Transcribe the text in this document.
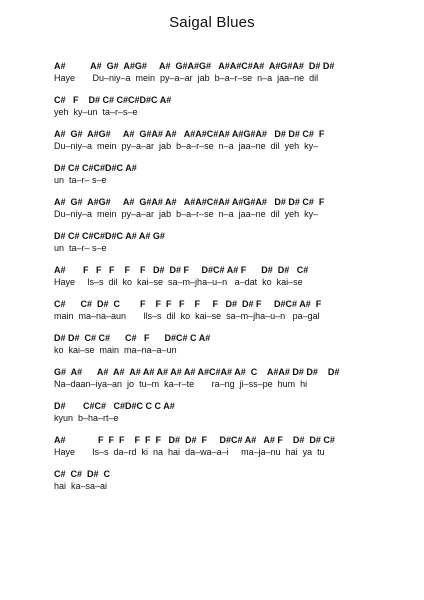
Saigal Blues
A#          A#  G#  A#G#     A#  G#A#G#   A#A#C#A#  A#G#A#  D# D#
Haye       Du–niy–a  mein  py–a–ar  jab  b–a–r–se  n–a  jaa–ne  dil
C#   F    D# C# C#C#D#C A#
yeh  ky–un  ta–r–s–e
A#  G#  A#G#     A#  G#A# A#   A#A#C#A# A#G#A#   D# D# C#  F
Du–niy–a  mein  py–a–ar  jab  b–a–r–se  n–a  jaa–ne  dil  yeh  ky–
D# C# C#C#D#C A#
un  ta–r– s–e
A#  G#  A#G#     A#  G#A# A#   A#A#C#A# A#G#A#   D# D# C#  F
Du–niy–a  mein  py–a–ar  jab  b–a–r–se  n–a  jaa–ne  dil  yeh  ky–
D# C# C#C#D#C A# A# G#
un  ta–r– s–e
A#       F   F   F    F    F   D#  D# F     D#C# A# F      D#  D#   C#
Haye     ls–s  dil  ko  kai–se  sa–m–jha–u–n   a–dat  ko  kai–se
C#      C#  D#  C        F    F  F   F    F     F   D#  D# F     D#C# A#  F
main  ma–na–aun       lls–s  dil  ko  kai–se  sa–m–jha–u–n   pa–gal
D# D#  C# C#      C#   F      D#C# C A#
ko  kai–se  main  ma–na–a–un
G#  A#      A#  A#  A# A# A# A# A# A#C#A# A#  C    A#A# D# D#    D#
Na–daan–iya–an  jo  tu–m  ka–r–te       ra–ng  ji–ss–pe  hum  hi
D#       C#C#   C#D#C C C A#
kyun  b–ha–rt–e
A#             F  F  F    F  F  F   D#  D#  F     D#C# A#   A# F    D#  D# C#
Haye       ls–s  da–rd  ki  na  hai  da–wa–a–i     ma–ja–nu  hai  ya  tu
C#  C#  D#  C
hai  ka–sa–ai
